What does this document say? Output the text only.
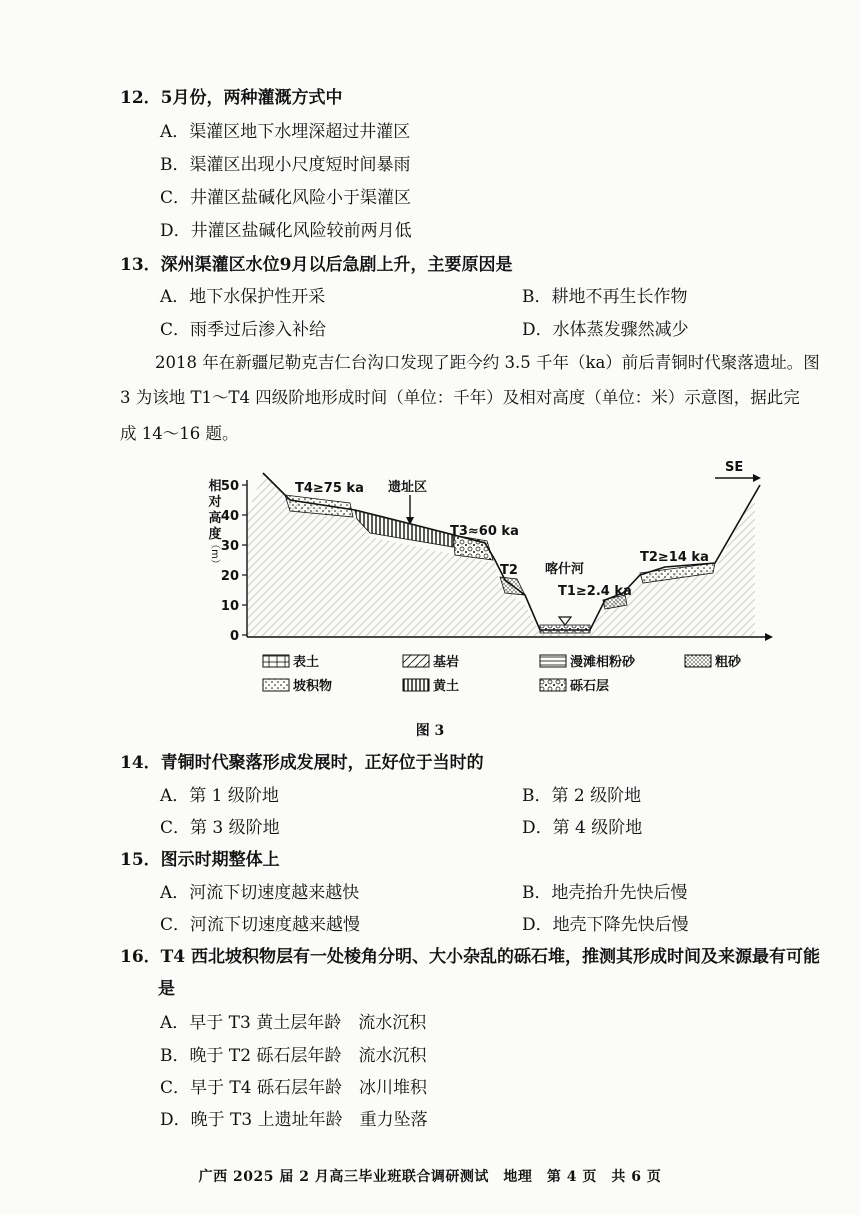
12．5月份，两种灌溉方式中
A．渠灌区地下水埋深超过井灌区
B．渠灌区出现小尺度短时间暴雨
C．井灌区盐碱化风险小于渠灌区
D．井灌区盐碱化风险较前两月低
13．深州渠灌区水位9月以后急剧上升，主要原因是
A．地下水保护性开采	B．耕地不再生长作物
C．雨季过后渗入补给	D．水体蒸发骤然减少
2018 年在新疆尼勒克吉仁台沟口发现了距今约 3.5 千年（ka）前后青铜时代聚落遗址。图
3 为该地 T1～T4 四级阶地形成时间（单位：千年）及相对高度（单位：米）示意图，据此完
成 14～16 题。
50
40
30
20
10
0
相
对
高
度
（m）
SE
T4≥75 ka 遗址区
T3≈60 ka
T2 喀什河
T1≥2.4 ka
T2≥14 ka
表土	基岩	漫滩相粉砂	粗砂
坡积物	黄土	砾石层
图 3
14．青铜时代聚落形成发展时，正好位于当时的
A．第 1 级阶地	B．第 2 级阶地
C．第 3 级阶地	D．第 4 级阶地
15．图示时期整体上
A．河流下切速度越来越快	B．地壳抬升先快后慢
C．河流下切速度越来越慢	D．地壳下降先快后慢
16．T4 西北坡积物层有一处棱角分明、大小杂乱的砾石堆，推测其形成时间及来源最有可能
是
A．早于 T3 黄土层年龄　流水沉积
B．晚于 T2 砾石层年龄　流水沉积
C．早于 T4 砾石层年龄　冰川堆积
D．晚于 T3 上遗址年龄　重力坠落
广西 2025 届 2 月高三毕业班联合调研测试　地理　第 4 页　共 6 页
